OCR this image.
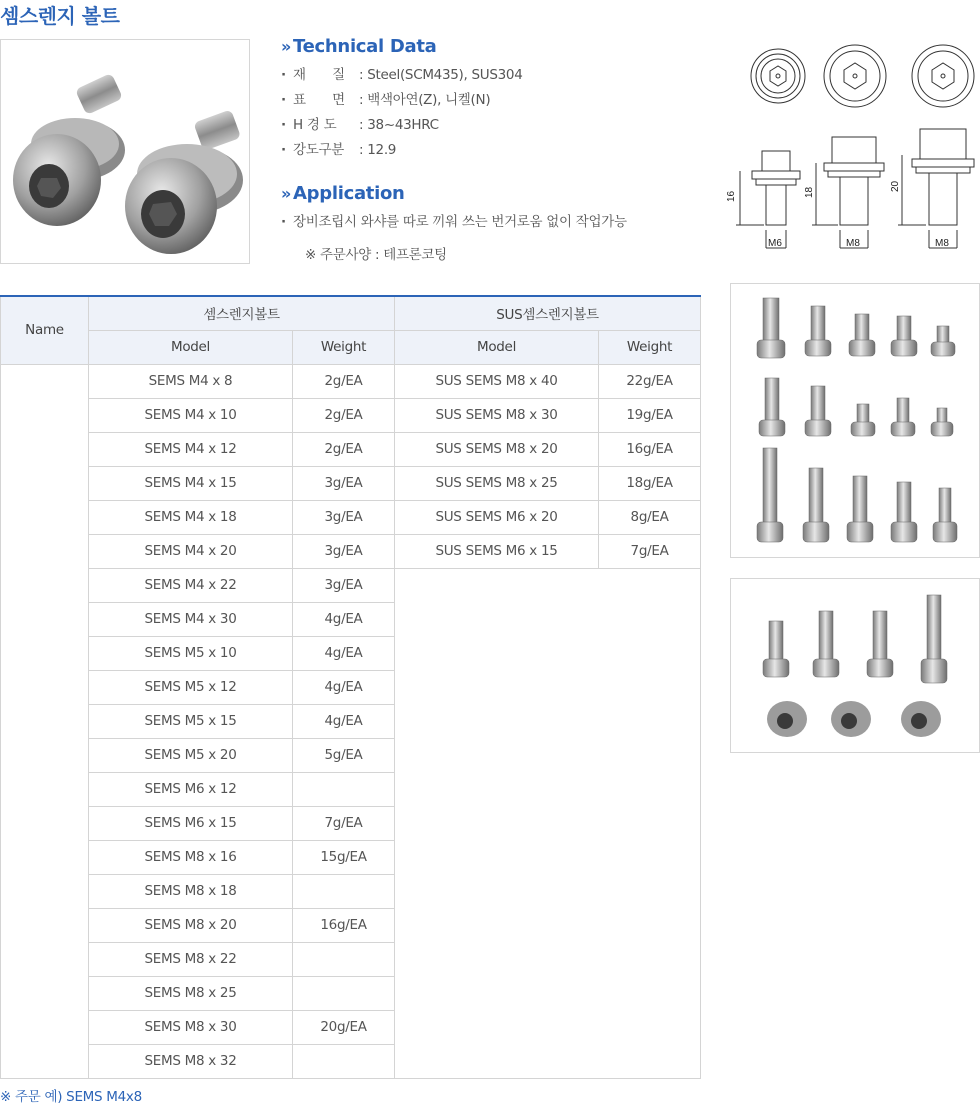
셈스렌지 볼트
» Technical Data
· 재　　질 : Steel(SCM435), SUS304
· 표　　면 : 백색아연(Z), 니켈(N)
· H 경 도 : 38~43HRC
· 강도구분 : 12.9
» Application
· 장비조립시 와샤를 따로 끼워 쓰는 번거로움 없이 작업가능
※ 주문사양 : 테프론코팅
16
M6
18
M8
20
M8
Name	셈스렌지볼트		SUS셈스렌지볼트	
	Model	Weight	Model	Weight
	SEMS M4 x 8	2g/EA	SUS SEMS M8 x 40	22g/EA
	SEMS M4 x 10	2g/EA	SUS SEMS M8 x 30	19g/EA
	SEMS M4 x 12	2g/EA	SUS SEMS M8 x 20	16g/EA
	SEMS M4 x 15	3g/EA	SUS SEMS M8 x 25	18g/EA
	SEMS M4 x 18	3g/EA	SUS SEMS M6 x 20	8g/EA
	SEMS M4 x 20	3g/EA	SUS SEMS M6 x 15	7g/EA
	SEMS M4 x 22	3g/EA		
	SEMS M4 x 30	4g/EA		
	SEMS M5 x 10	4g/EA		
	SEMS M5 x 12	4g/EA		
	SEMS M5 x 15	4g/EA		
	SEMS M5 x 20	5g/EA		
	SEMS M6 x 12			
	SEMS M6 x 15	7g/EA		
	SEMS M8 x 16	15g/EA		
	SEMS M8 x 18			
	SEMS M8 x 20	16g/EA		
	SEMS M8 x 22			
	SEMS M8 x 25			
	SEMS M8 x 30	20g/EA		
	SEMS M8 x 32			
※ 주문 예) SEMS M4x8
